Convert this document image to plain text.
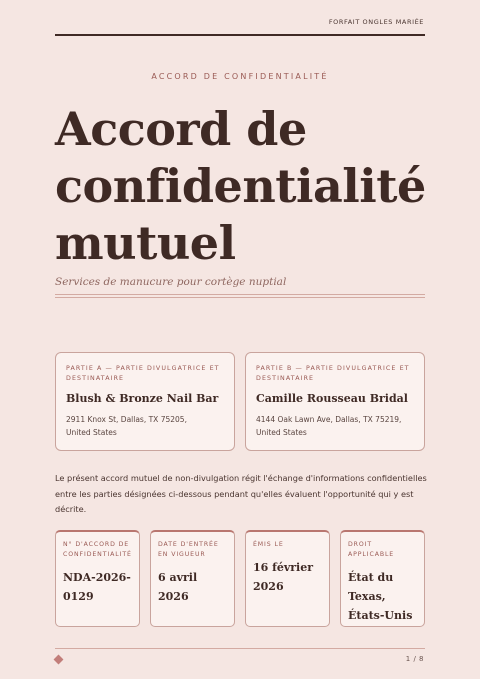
FORFAIT ONGLES MARIÉE
ACCORD DE CONFIDENTIALITÉ
Accord de confidentialité mutuel
Services de manucure pour cortège nuptial
PARTIE A — PARTIE DIVULGATRICE ET DESTINATAIRE
Blush & Bronze Nail Bar
2911 Knox St, Dallas, TX 75205,
United States
PARTIE B — PARTIE DIVULGATRICE ET DESTINATAIRE
Camille Rousseau Bridal
4144 Oak Lawn Ave, Dallas, TX 75219,
United States

Le présent accord mutuel de non-divulgation régit l'échange d'informations confidentielles entre les parties désignées ci-dessous pendant qu'elles évaluent l'opportunité qui y est décrite.

N° D'ACCORD DE CONFIDENTIALITÉ
NDA-2026-0129
DATE D'ENTRÉE EN VIGUEUR
6 avril 2026
ÉMIS LE
16 février 2026
DROIT APPLICABLE
État du Texas, États-Unis
1 / 8
